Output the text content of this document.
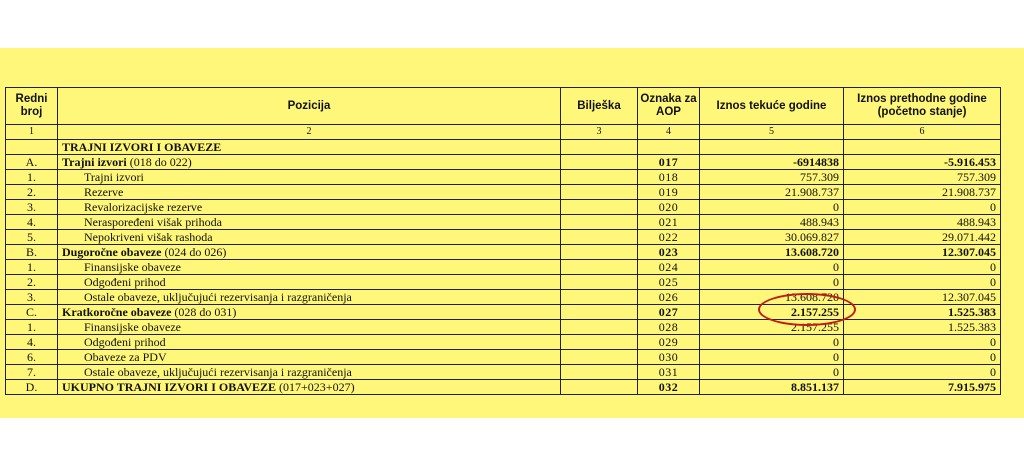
Redni broj	Pozicija	Bilješka	Oznaka za AOP	Iznos tekuće godine	Iznos prethodne godine (početno stanje)
1	2	3	4	5	6
	TRAJNI IZVORI I OBAVEZE				
A.	Trajni izvori (018 do 022)		017	-6914838	-5.916.453
1.	Trajni izvori		018	757.309	757.309
2.	Rezerve		019	21.908.737	21.908.737
3.	Revalorizacijske rezerve		020	0	0
4.	Neraspoređeni višak prihoda		021	488.943	488.943
5.	Nepokriveni višak rashoda		022	30.069.827	29.071.442
B.	Dugoročne obaveze (024 do 026)		023	13.608.720	12.307.045
1.	Finansijske obaveze		024	0	0
2.	Odgođeni prihod		025	0	0
3.	Ostale obaveze, uključujući rezervisanja i razgraničenja		026	13.608.720	12.307.045
C.	Kratkoročne obaveze (028 do 031)		027	2.157.255	1.525.383
1.	Finansijske obaveze		028	2.157.255	1.525.383
4.	Odgođeni prihod		029	0	0
6.	Obaveze za PDV		030	0	0
7.	Ostale obaveze, uključujući rezervisanja i razgraničenja		031	0	0
D.	UKUPNO TRAJNI IZVORI I OBAVEZE (017+023+027)		032	8.851.137	7.915.975
